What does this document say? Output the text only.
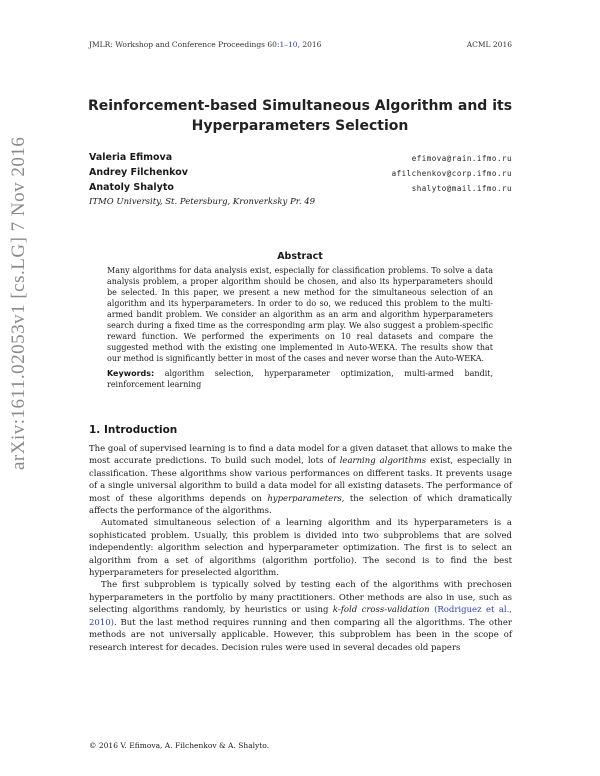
JMLR: Workshop and Conference Proceedings 60:1–10, 2016	ACML 2016
Reinforcement-based Simultaneous Algorithm and its
Hyperparameters Selection
Valeria Efimova	efimova@rain.ifmo.ru
Andrey Filchenkov	afilchenkov@corp.ifmo.ru
Anatoly Shalyto	shalyto@mail.ifmo.ru
ITMO University, St. Petersburg, Kronverksky Pr. 49
arXiv:1611.02053v1 [cs.LG] 7 Nov 2016	Abstract
Many algorithms for data analysis exist, especially for classification problems. To solve a data analysis problem, a proper algorithm should be chosen, and also its hyperparameters should be selected. In this paper, we present a new method for the simultaneous selection of an algorithm and its hyperparameters. In order to do so, we reduced this problem to the multi-armed bandit problem. We consider an algorithm as an arm and algorithm hyperparameters search during a fixed time as the corresponding arm play. We also suggest a problem-specific reward function. We performed the experiments on 10 real datasets and compare the suggested method with the existing one implemented in Auto-WEKA. The results show that our method is significantly better in most of the cases and never worse than the Auto-WEKA.
Keywords: algorithm selection, hyperparameter optimization, multi-armed bandit, reinforcement learning
1. Introduction

The goal of supervised learning is to find a data model for a given dataset that allows to make the most accurate predictions. To build such model, lots of learning algorithms exist, especially in classification. These algorithms show various performances on different tasks. It prevents usage of a single universal algorithm to build a data model for all existing datasets. The performance of most of these algorithms depends on hyperparameters, the selection of which dramatically affects the performance of the algorithms.

Automated simultaneous selection of a learning algorithm and its hyperparameters is a sophisticated problem. Usually, this problem is divided into two subproblems that are solved independently: algorithm selection and hyperparameter optimization. The first is to select an algorithm from a set of algorithms (algorithm portfolio). The second is to find the best hyperparameters for preselected algorithm.

The first subproblem is typically solved by testing each of the algorithms with prechosen hyperparameters in the portfolio by many practitioners. Other methods are also in use, such as selecting algorithms randomly, by heuristics or using k-fold cross-validation (Rodriguez et al., 2010). But the last method requires running and then comparing all the algorithms. The other methods are not universally applicable. However, this subproblem has been in the scope of research interest for decades. Decision rules were used in several decades old papers

© 2016 V. Efimova, A. Filchenkov & A. Shalyto.
